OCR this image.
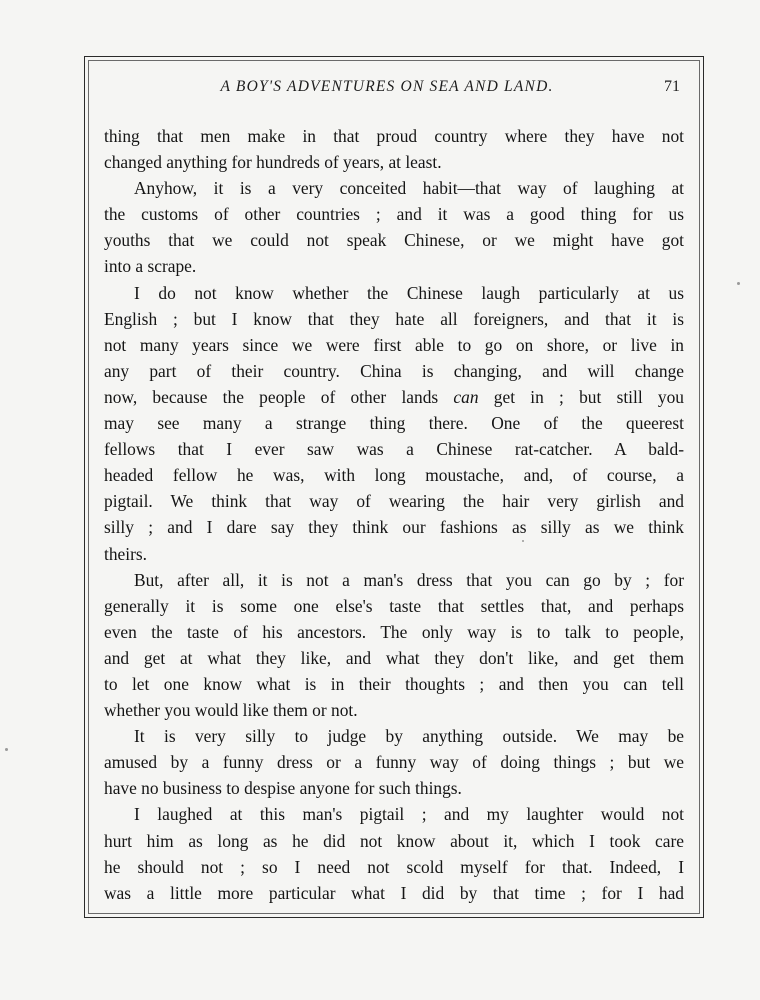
A BOY'S ADVENTURES ON SEA AND LAND.	71
thing that men make in that proud country where they have not
changed anything for hundreds of years, at least.
Anyhow, it is a very conceited habit—that way of laughing at
the customs of other countries ; and it was a good thing for us
youths that we could not speak Chinese, or we might have got
into a scrape.
I do not know whether the Chinese laugh particularly at us
English ; but I know that they hate all foreigners, and that it is
not many years since we were first able to go on shore, or live in
any part of their country. China is changing, and will change
now, because the people of other lands can get in ; but still you
may see many a strange thing there. One of the queerest
fellows that I ever saw was a Chinese rat-catcher. A bald-
headed fellow he was, with long moustache, and, of course, a
pigtail. We think that way of wearing the hair very girlish and
silly ; and I dare say they think our fashions as silly as we think
theirs.
But, after all, it is not a man's dress that you can go by ; for
generally it is some one else's taste that settles that, and perhaps
even the taste of his ancestors. The only way is to talk to people,
and get at what they like, and what they don't like, and get them
to let one know what is in their thoughts ; and then you can tell
whether you would like them or not.
It is very silly to judge by anything outside. We may be
amused by a funny dress or a funny way of doing things ; but we
have no business to despise anyone for such things.
I laughed at this man's pigtail ; and my laughter would not
hurt him as long as he did not know about it, which I took care
he should not ; so I need not scold myself for that. Indeed, I
was a little more particular what I did by that time ; for I had
